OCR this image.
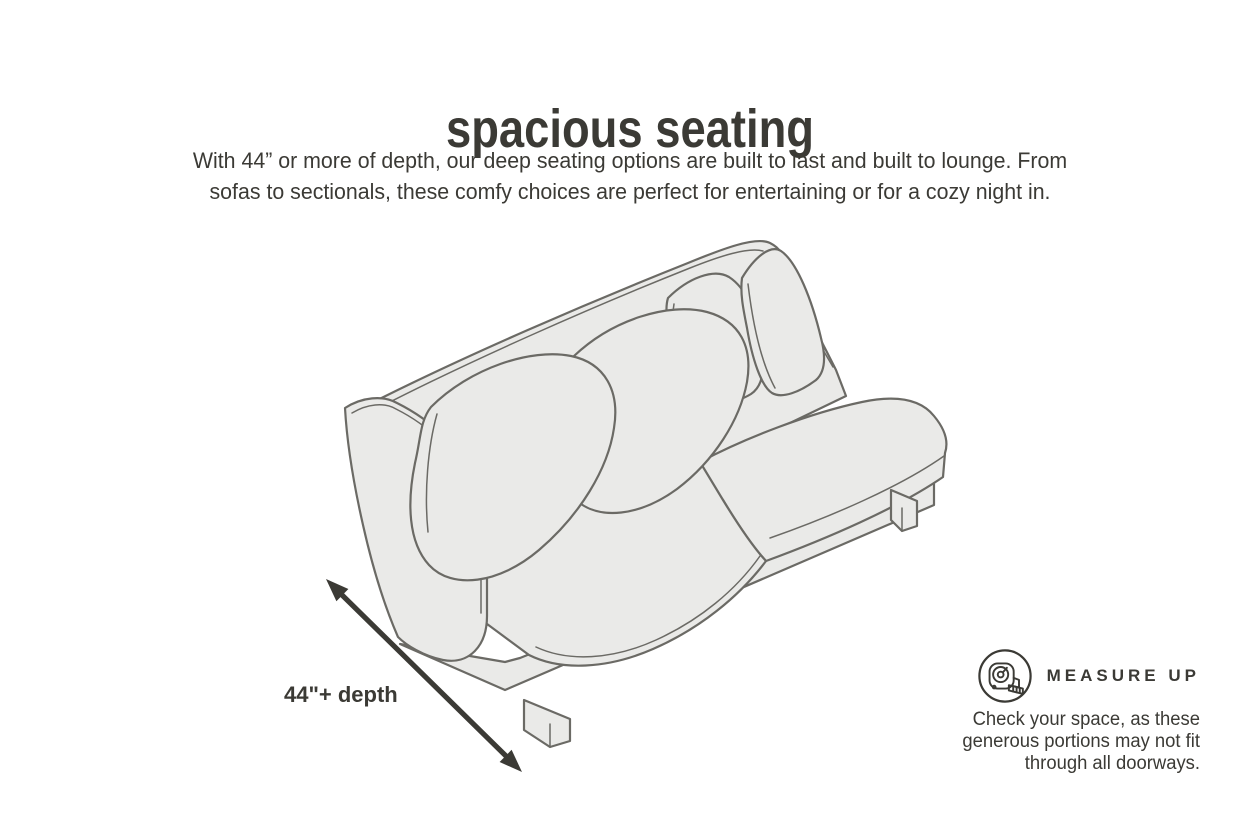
spacious seating

With 44” or more of depth, our deep seating options are built to last and built to lounge. From
sofas to sectionals, these comfy choices are perfect for entertaining or for a cozy night in.

44"+ depth
MEASURE UP

Check your space, as these
generous portions may not fit
through all doorways.
